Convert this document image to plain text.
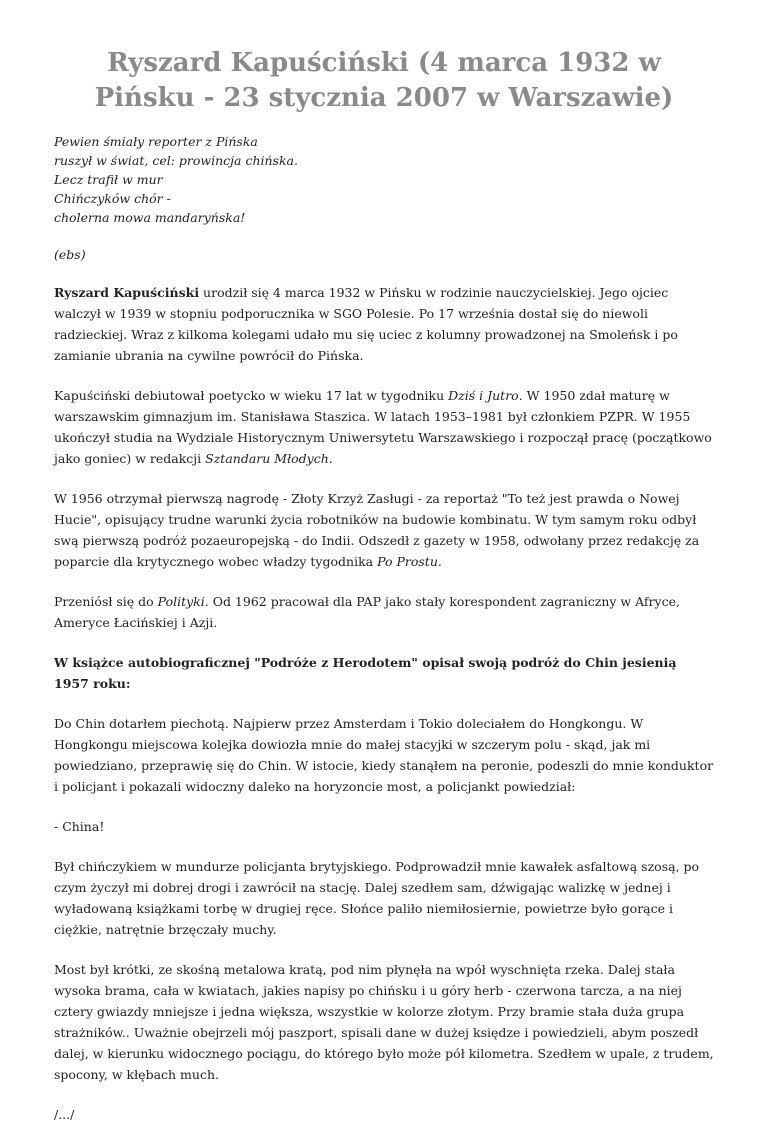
Ryszard Kapuściński (4 marca 1932 w Pińsku - 23 stycznia 2007 w Warszawie)
Pewien śmiały reporter z Pińska
ruszył w świat, cel: prowincja chińska.
Lecz trafił w mur
Chińczyków chór -
cholerna mowa mandaryńska!

(ebs)

Ryszard Kapuściński urodził się 4 marca 1932 w Pińsku w rodzinie nauczycielskiej. Jego ojciec walczył w 1939 w stopniu podporucznika w SGO Polesie. Po 17 września dostał się do niewoli radzieckiej. Wraz z kilkoma kolegami udało mu się uciec z kolumny prowadzonej na Smoleńsk i po zamianie ubrania na cywilne powrócił do Pińska.

Kapuściński debiutował poetycko w wieku 17 lat w tygodniku Dziś i Jutro. W 1950 zdał maturę w warszawskim gimnazjum im. Stanisława Staszica. W latach 1953–1981 był członkiem PZPR. W 1955 ukończył studia na Wydziale Historycznym Uniwersytetu Warszawskiego i rozpoczął pracę (początkowo jako goniec) w redakcji Sztandaru Młodych.

W 1956 otrzymał pierwszą nagrodę - Złoty Krzyż Zasługi - za reportaż "To też jest prawda o Nowej Hucie", opisujący trudne warunki życia robotników na budowie kombinatu. W tym samym roku odbył swą pierwszą podróż pozaeuropejską - do Indii. Odszedł z gazety w 1958, odwołany przez redakcję za poparcie dla krytycznego wobec władzy tygodnika Po Prostu.

Przeniósł się do Polityki. Od 1962 pracował dla PAP jako stały korespondent zagraniczny w Afryce, Ameryce Łacińskiej i Azji.

W książce autobiograficznej "Podróże z Herodotem" opisał swoją podróż do Chin jesienią 1957 roku:

Do Chin dotarłem piechotą. Najpierw przez Amsterdam i Tokio doleciałem do Hongkongu. W Hongkongu miejscowa kolejka dowiozła mnie do małej stacyjki w szczerym polu - skąd, jak mi powiedziano, przeprawię się do Chin. W istocie, kiedy stanąłem na peronie, podeszli do mnie konduktor i policjant i pokazali widoczny daleko na horyzoncie most, a policjankt powiedział:

- China!

Był chińczykiem w mundurze policjanta brytyjskiego. Podprowadził mnie kawałek asfaltową szosą, po czym życzył mi dobrej drogi i zawrócił na stację. Dalej szedłem sam, dźwigając walizkę w jednej i wyładowaną książkami torbę w drugiej ręce. Słońce paliło niemiłosiernie, powietrze było gorące i ciężkie, natrętnie brzęczały muchy.

Most był krótki, ze skośną metalowa kratą, pod nim płynęła na wpół wyschnięta rzeka. Dalej stała wysoka brama, cała w kwiatach, jakies napisy po chińsku i u góry herb - czerwona tarcza, a na niej cztery gwiazdy mniejsze i jedna większa, wszystkie w kolorze złotym. Przy bramie stała duża grupa strażników.. Uważnie obejrzeli mój paszport, spisali dane w dużej księdze i powiedzieli, abym poszedł dalej, w kierunku widocznego pociągu, do którego było może pół kilometra. Szedłem w upale, z trudem, spocony, w kłębach much.

/.../
